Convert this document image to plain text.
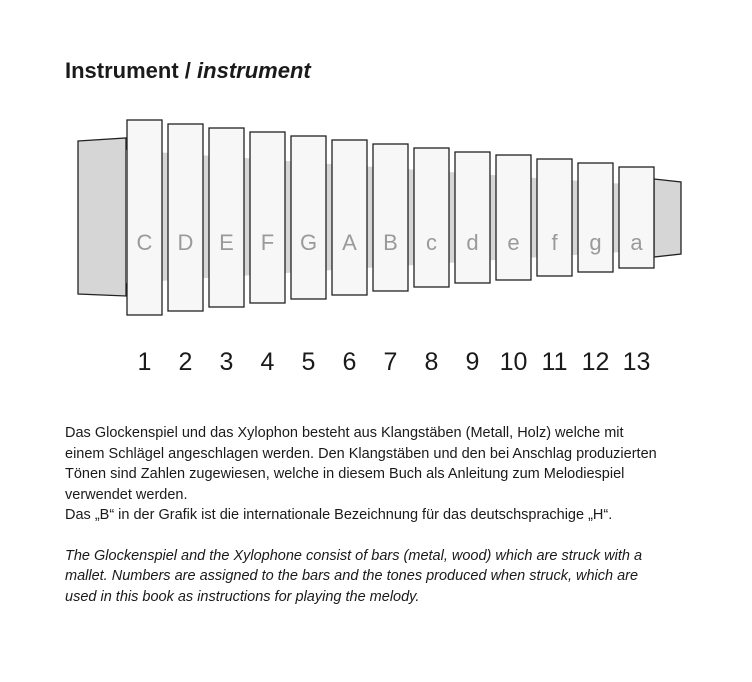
Instrument / instrument
C D E F G A B c d e f g a
1 2 3 4 5 6 7 8 9 10 11 12 13

Das Glockenspiel und das Xylophon besteht aus Klangstäben (Metall, Holz) welche mit

einem Schlägel angeschlagen werden. Den Klangstäben und den bei Anschlag produzierten

Tönen sind Zahlen zugewiesen, welche in diesem Buch als Anleitung zum Melodiespiel

verwendet werden.

Das „B“ in der Grafik ist die internationale Bezeichnung für das deutschsprachige „H“.

The Glockenspiel and the Xylophone consist of bars (metal, wood) which are struck with a

mallet. Numbers are assigned to the bars and the tones produced when struck, which are

used in this book as instructions for playing the melody.
